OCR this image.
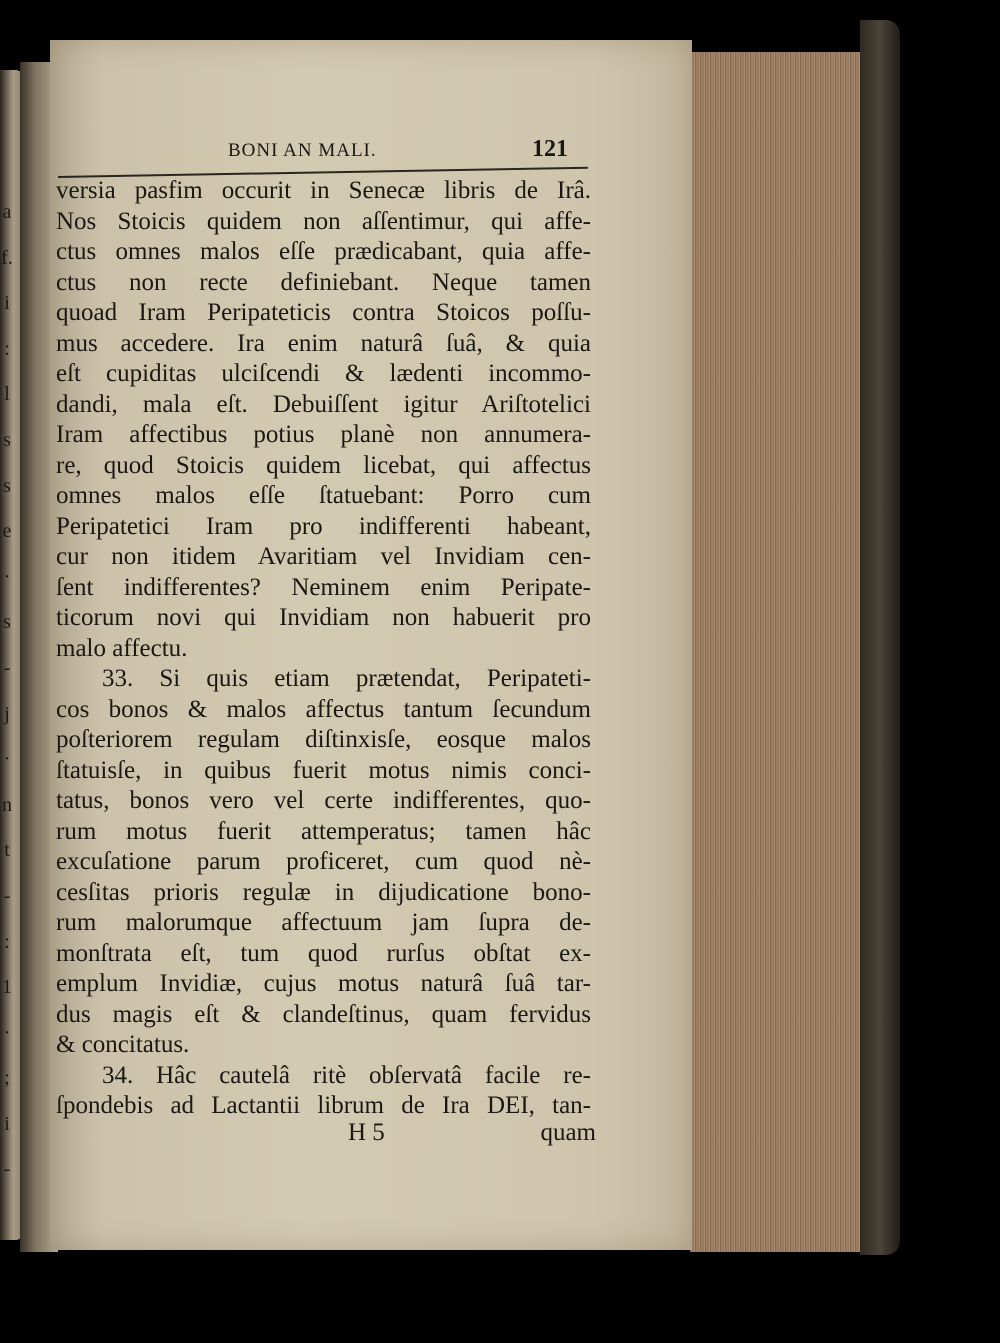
a
f.
i
:
l
s
s
e
·
s
-
j
·
n
t
-
:
1
·
;
i
-
BONI AN MALI.	121
versia pasfim occurit in Senecæ libris de Irâ.
Nos Stoicis quidem non aſſentimur, qui affe-
ctus omnes malos eſſe prædicabant, quia affe-
ctus non recte definiebant. Neque tamen
quoad Iram Peripateticis contra Stoicos poſſu-
mus accedere. Ira enim naturâ ſuâ, & quia
eſt cupiditas ulciſcendi & lædenti incommo-
dandi, mala eſt. Debuiſſent igitur Ariſtotelici
Iram affectibus potius planè non annumera-
re, quod Stoicis quidem licebat, qui affectus
omnes malos eſſe ſtatuebant: Porro cum
Peripatetici Iram pro indifferenti habeant,
cur non itidem Avaritiam vel Invidiam cen-
ſent indifferentes? Neminem enim Peripate-
ticorum novi qui Invidiam non habuerit pro
malo affectu.
33. Si quis etiam prætendat, Peripateti-
cos bonos & malos affectus tantum ſecundum
poſteriorem regulam diſtinxisſe, eosque malos
ſtatuisſe, in quibus fuerit motus nimis conci-
tatus, bonos vero vel certe indifferentes, quo-
rum motus fuerit attemperatus; tamen hâc
excuſatione parum proficeret, cum quod nè-
cesſitas prioris regulæ in dijudicatione bono-
rum malorumque affectuum jam ſupra de-
monſtrata eſt, tum quod rurſus obſtat ex-
emplum Invidiæ, cujus motus naturâ ſuâ tar-
dus magis eſt & clandeſtinus, quam fervidus
& concitatus.
34. Hâc cautelâ ritè obſervatâ facile re-
ſpondebis ad Lactantii librum de Ira DEI, tan-
H 5	quam
